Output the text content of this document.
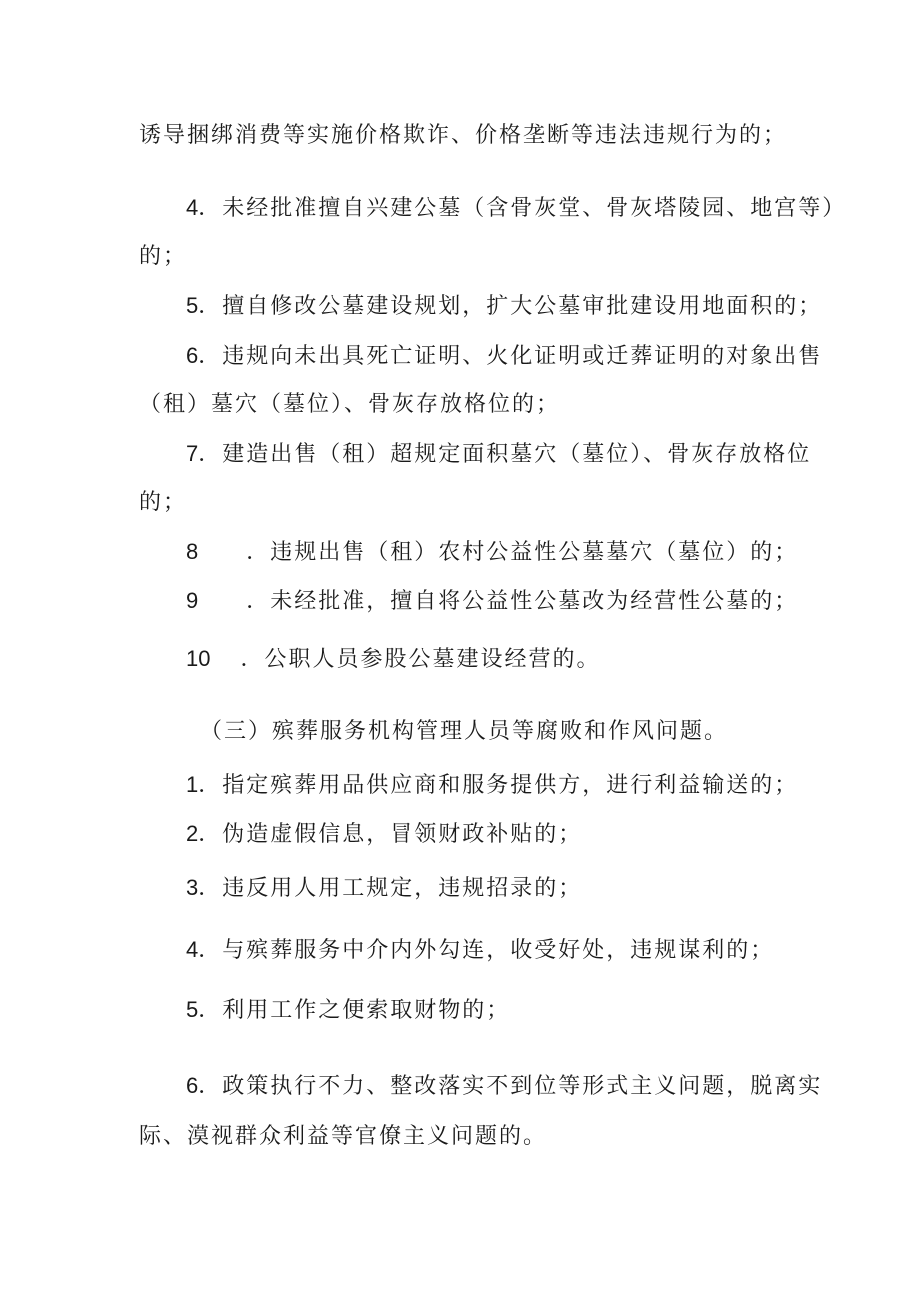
诱导捆绑消费等实施价格欺诈、价格垄断等违法违规行为的；
4．未经批准擅自兴建公墓（含骨灰堂、骨灰塔陵园、地宫等）
的；
5．擅自修改公墓建设规划，扩大公墓审批建设用地面积的；
6．违规向未出具死亡证明、火化证明或迁葬证明的对象出售
（租）墓穴（墓位）、骨灰存放格位的；
7．建造出售（租）超规定面积墓穴（墓位）、骨灰存放格位
的；
8 ．违规出售（租）农村公益性公墓墓穴（墓位）的；
9 ．未经批准，擅自将公益性公墓改为经营性公墓的；
10 ．公职人员参股公墓建设经营的。
（三）殡葬服务机构管理人员等腐败和作风问题。
1．指定殡葬用品供应商和服务提供方，进行利益输送的；
2．伪造虚假信息，冒领财政补贴的；
3．违反用人用工规定，违规招录的；
4．与殡葬服务中介内外勾连，收受好处，违规谋利的；
5．利用工作之便索取财物的；
6．政策执行不力、整改落实不到位等形式主义问题，脱离实
际、漠视群众利益等官僚主义问题的。
